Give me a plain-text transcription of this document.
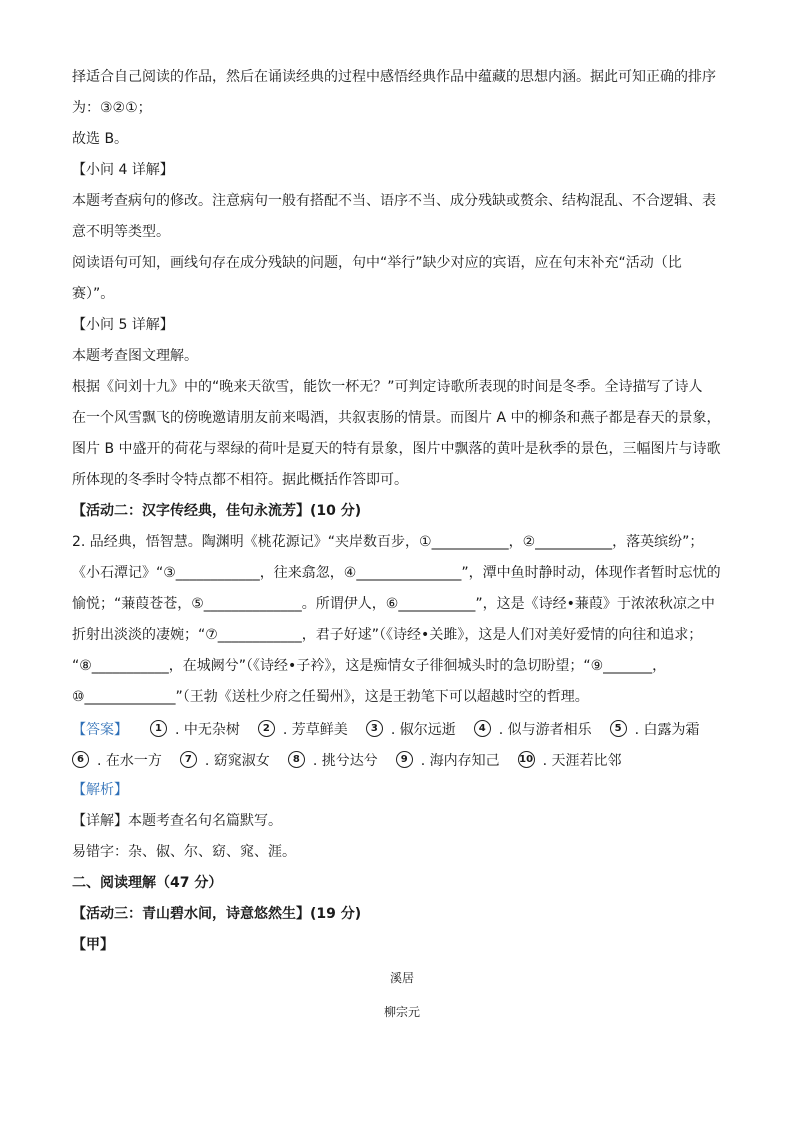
择适合自己阅读的作品，然后在诵读经典的过程中感悟经典作品中蕴藏的思想内涵。据此可知正确的排序
为：③②①；
故选 B。
【小问 4 详解】
本题考查病句的修改。注意病句一般有搭配不当、语序不当、成分残缺或赘余、结构混乱、不合逻辑、表
意不明等类型。
阅读语句可知，画线句存在成分残缺的问题，句中“举行”缺少对应的宾语，应在句末补充“活动（比
赛）”。
【小问 5 详解】
本题考查图文理解。
根据《问刘十九》中的“晚来天欲雪，能饮一杯无？”可判定诗歌所表现的时间是冬季。全诗描写了诗人
在一个风雪飘飞的傍晚邀请朋友前来喝酒，共叙衷肠的情景。而图片 A 中的柳条和燕子都是春天的景象，
图片 B 中盛开的荷花与翠绿的荷叶是夏天的特有景象，图片中飘落的黄叶是秋季的景色，三幅图片与诗歌
所体现的冬季时令特点都不相符。据此概括作答即可。
【活动二：汉字传经典，佳句永流芳】(10 分)
2. 品经典，悟智慧。陶渊明《桃花源记》“夹岸数百步，①___________，②___________，落英缤纷”；
《小石潭记》“③____________，往来翕忽，④_______________”，潭中鱼时静时动，体现作者暂时忘忧的
愉悦；“蒹葭苍苍，⑤______________。所谓伊人，⑥___________”，这是《诗经•蒹葭》于浓浓秋凉之中
折射出淡淡的凄婉；“⑦____________，君子好逑”（《诗经•关雎》，这是人们对美好爱情的向往和追求；
“⑧___________，在城阙兮”（《诗经•子衿》，这是痴情女子徘徊城头时的急切盼望；“⑨_______，
⑩_____________”（王勃《送杜少府之任蜀州》，这是王勃笔下可以超越时空的哲理。
【答案】	1 . 中无杂树	2 . 芳草鲜美	3 . 俶尔远逝	4 . 似与游者相乐	5 . 白露为霜
6 . 在水一方	7 . 窈窕淑女	8 . 挑兮达兮	9 . 海内存知己 10 . 天涯若比邻
【解析】
【详解】本题考查名句名篇默写。
易错字：杂、俶、尔、窈、窕、涯。
二、阅读理解（47 分）
【活动三：青山碧水间，诗意悠然生】(19 分)
【甲】
溪居
柳宗元
